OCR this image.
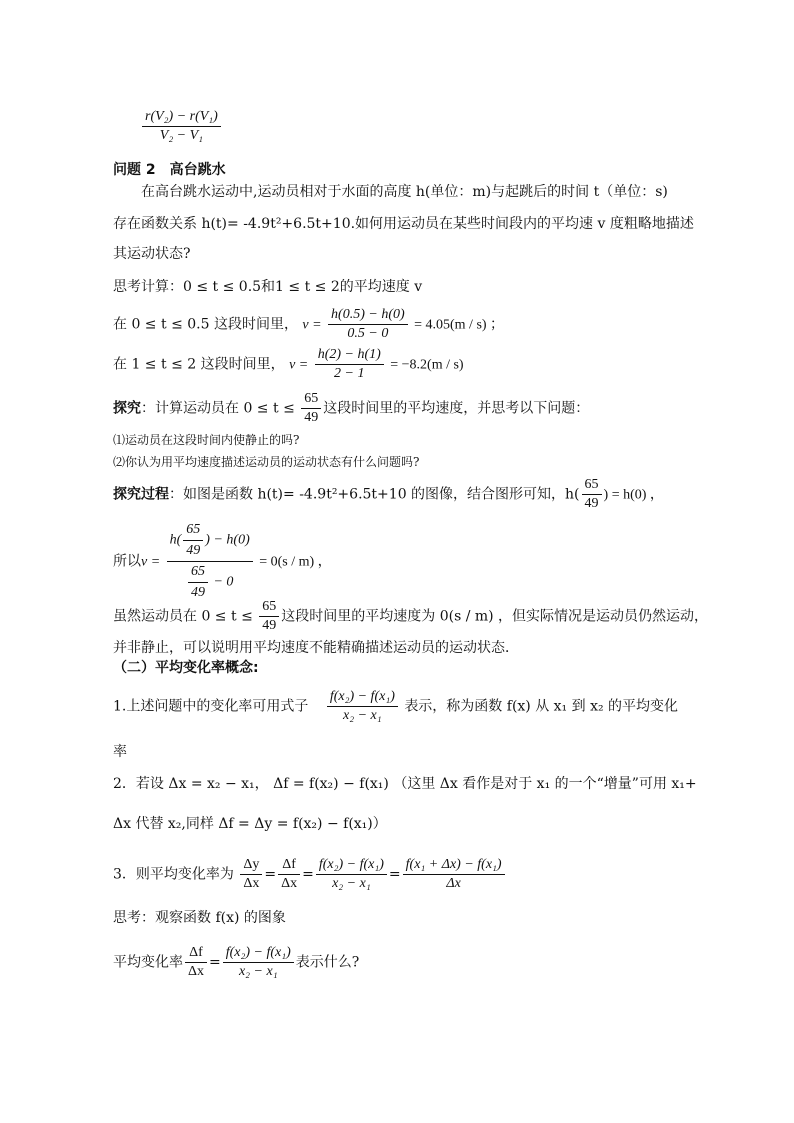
$\frac{\text{r(V₂) − r(V₁)}}{\text{V₂ − V₁}}$
问题 2　高台跳水
在高台跳水运动中,运动员相对于水面的高度 h(单位：m)与起跳后的时间 t（单位：s)
存在函数关系 h(t)= -4.9t²+6.5t+10.如何用运动员在某些时间段内的平均速 v 度粗略地描述
其运动状态?
思考计算：0 ≤ t ≤ 0.5和1 ≤ t ≤ 2的平均速度 v
在 0 ≤ t ≤ 0.5 这段时间里， $v = \frac{h(0.5) - h(0)}{0.5 - 0} = 4.05(m / s)$ ；
在 1 ≤ t ≤ 2 这段时间里， $v = \frac{h(2) - h(1)}{2 - 1} = -8.2(m / s)$
探究：计算运动员在 $0 \le t \le \frac{65}{49}$ 这段时间里的平均速度，并思考以下问题：
⑴运动员在这段时间内使静止的吗?
⑵你认为用平均速度描述运动员的运动状态有什么问题吗?
探究过程：如图是函数 h(t)= -4.9t²+6.5t+10 的图像，结合图形可知，$h( \frac{65}{49}$ ) = h(0) ，
所以$v = \frac{h( \frac{65}{49} ) - h(0)}{\frac{65}{49} - 0} = 0(s / m)$ ，
虽然运动员在 $0 \le t \le \frac{65}{49}$ 这段时间里的平均速度为 0(s / m) ，但实际情况是运动员仍然运动，
并非静止，可以说明用平均速度不能精确描述运动员的运动状态．
（二）平均变化率概念:
1.上述问题中的变化率可用式子 $\frac{\text{f(x₂) − f(x₁)}}{\text{x₂ − x₁}}$ 表示，称为函数 f(x) 从 x₁ 到 x₂ 的平均变化
率
2．若设 Δx = x₂ − x₁， Δf = f(x₂) − f(x₁) （这里 Δx 看作是对于 x₁ 的一个“增量”可用 x₁+
Δx 代替 x₂,同样 Δf = Δy = f(x₂) − f(x₁)）
3．则平均变化率为 $\frac{\Delta y}{\Delta x} = \frac{\Delta f}{\Delta x} = \frac{\text{f(x₂) − f(x₁)}}{\text{x₂ − x₁}} = \frac{\text{f(x₁ + Δx) − f(x₁)}}{\Delta x}$
思考：观察函数 f(x) 的图象
平均变化率 $\frac{\Delta f}{\Delta x} = \frac{\text{f(x₂) − f(x₁)}}{\text{x₂ − x₁}}$ 表示什么?
